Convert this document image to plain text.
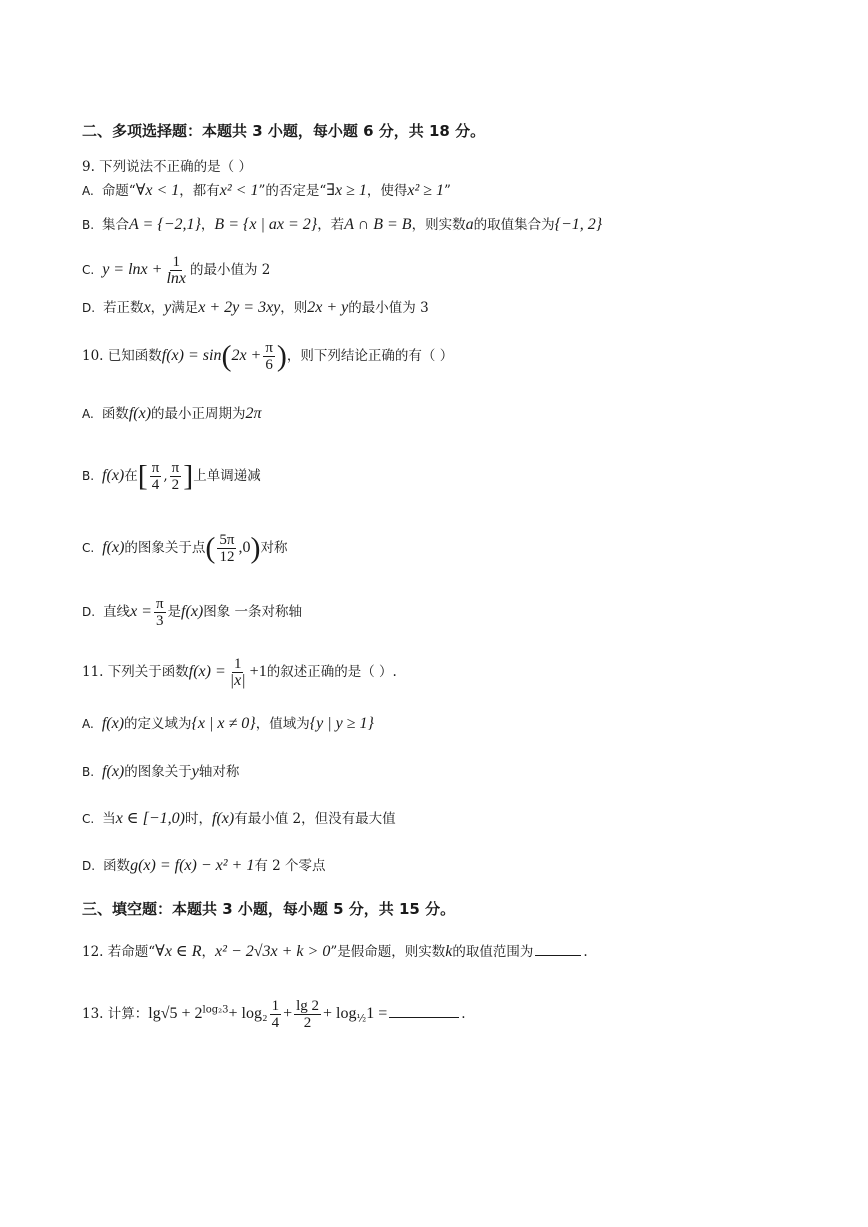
二、多项选择题：本题共 3 小题，每小题 6 分，共 18 分。
9. 下列说法不正确的是（ ）
A. 命题“∀x < 1，都有x² < 1”的否定是“∃x ≥ 1，使得x² ≥ 1”
B. 集合A = {−2,1}，B = {x | ax = 2}，若A ∩ B = B，则实数a的取值集合为{−1, 2}
C. $y = \ln x + \frac{1}{\ln x}$ 的最小值为 2
D. 若正数x，y满足x + 2y = 3xy，则2x + y的最小值为 3
10. 已知函数$f(x) = \sin(2x + \frac{\pi}{6}$ )，则下列结论正确的有（ ）
A. 函数f(x)的最小正周期为2π
B. f(x)在[ $\frac{\pi}{4}$ , $\frac{\pi}{2}$ ]上单调递减
C. f(x)的图象关于点( $\frac{5\pi}{12} ,0$)对称
D. 直线$x = \frac{\pi}{3}$ 是f(x)图象 一条对称轴
11. 下列关于函数$f(x) = \frac{1}{|x|} +1$的叙述正确的是（ ）.
A. f(x)的定义域为{x | x ≠ 0}，值域为{y | y ≥ 1}
B. f(x)的图象关于y轴对称
C. 当x ∈ [−1,0)时，f(x)有最小值 2，但没有最大值
D. 函数g(x) = f(x) − x² + 1有 2 个零点
三、填空题：本题共 3 小题，每小题 5 分，共 15 分。
12. 若命题“∀x ∈ R，x² − 2√3x + k > 0”是假命题，则实数k的取值范围为	.
13. 计算：$\lg√5 + 2^{log_23}+ \log_2 \frac{1}{4} + \frac{\lg 2}{2} + \log_{\frac{1}{2}}1$ =	.
